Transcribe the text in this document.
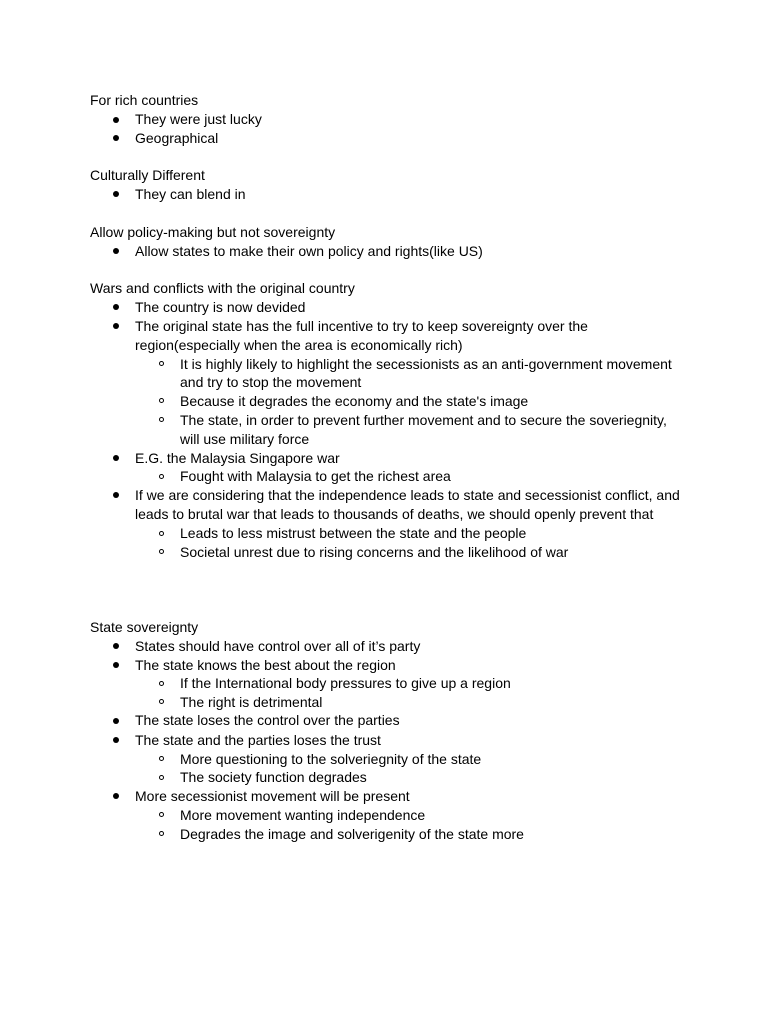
For rich countries
They were just lucky
Geographical
Culturally Different
They can blend in
Allow policy-making but not sovereignty
Allow states to make their own policy and rights(like US)
Wars and conflicts with the original country
The country is now devided
The original state has the full incentive to try to keep sovereignty over the
region(especially when the area is economically rich)
It is highly likely to highlight the secessionists as an anti-government movement
and try to stop the movement
Because it degrades the economy and the state's image
The state, in order to prevent further movement and to secure the soveriegnity,
will use military force
E.G. the Malaysia Singapore war
Fought with Malaysia to get the richest area
If we are considering that the independence leads to state and secessionist conflict, and
leads to brutal war that leads to thousands of deaths, we should openly prevent that
Leads to less mistrust between the state and the people
Societal unrest due to rising concerns and the likelihood of war
State sovereignty
States should have control over all of it’s party
The state knows the best about the region
If the International body pressures to give up a region
The right is detrimental
The state loses the control over the parties
The state and the parties loses the trust
More questioning to the solveriegnity of the state
The society function degrades
More secessionist movement will be present
More movement wanting independence
Degrades the image and solverigenity of the state more
